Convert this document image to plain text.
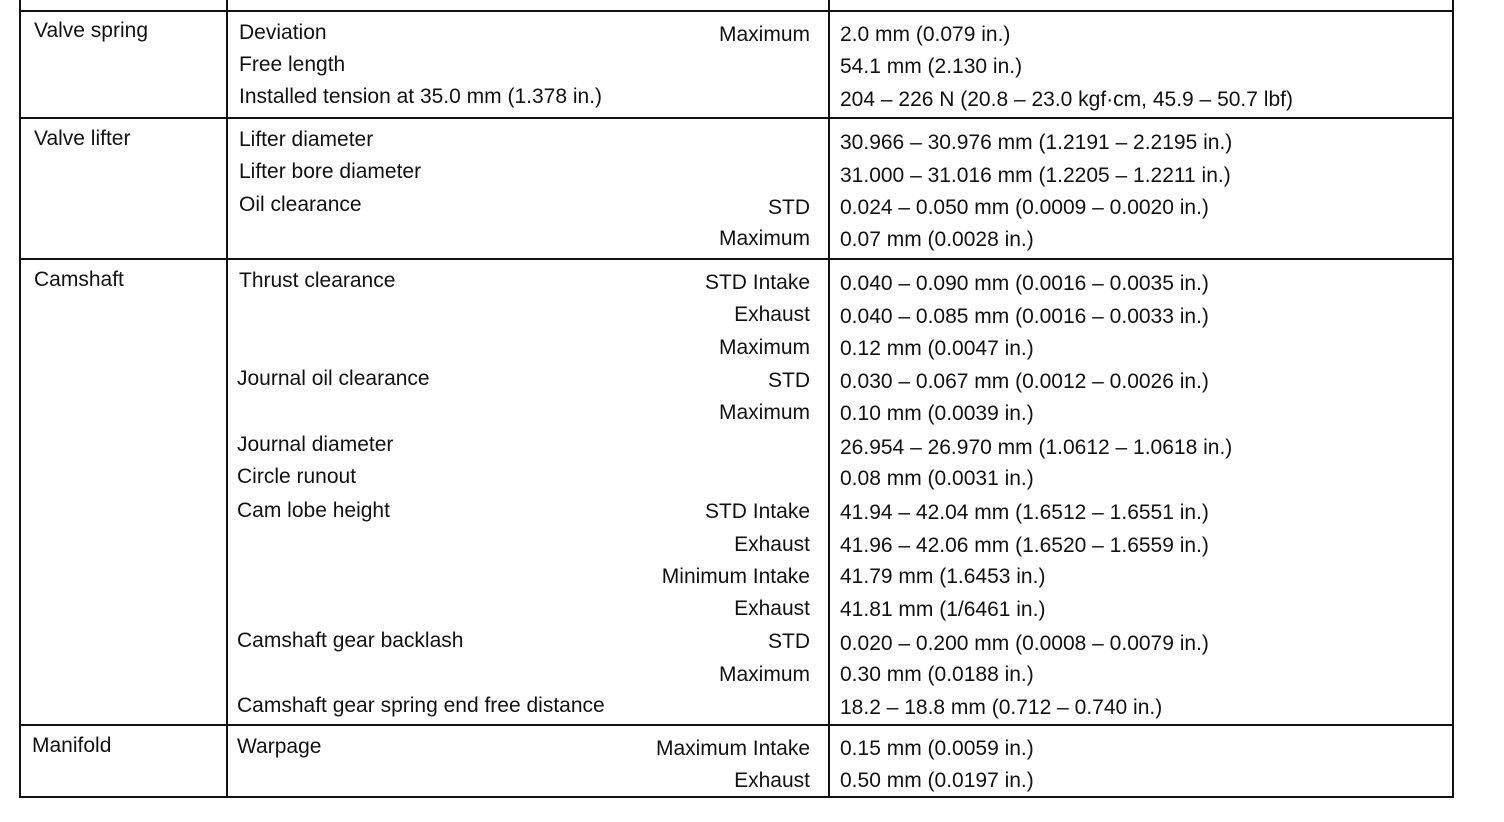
Valve spring	Deviation	Maximum 2.0 mm (0.079 in.)
Free length	54.1 mm (2.130 in.)
Installed tension at 35.0 mm (1.378 in.)	204 – 226 N (20.8 – 23.0 kgf·cm, 45.9 – 50.7 lbf)
Valve lifter	Lifter diameter	30.966 – 30.976 mm (1.2191 – 2.2195 in.)
Lifter bore diameter	31.000 – 31.016 mm (1.2205 – 1.2211 in.)
Oil clearance	STD 0.024 – 0.050 mm (0.0009 – 0.0020 in.)
Maximum 0.07 mm (0.0028 in.)
Camshaft	Thrust clearance	STD Intake 0.040 – 0.090 mm (0.0016 – 0.0035 in.)
Exhaust 0.040 – 0.085 mm (0.0016 – 0.0033 in.)
Maximum 0.12 mm (0.0047 in.)
Journal oil clearance	STD 0.030 – 0.067 mm (0.0012 – 0.0026 in.)
Maximum 0.10 mm (0.0039 in.)
Journal diameter	26.954 – 26.970 mm (1.0612 – 1.0618 in.)
Circle runout	0.08 mm (0.0031 in.)
Cam lobe height	STD Intake 41.94 – 42.04 mm (1.6512 – 1.6551 in.)
Exhaust 41.96 – 42.06 mm (1.6520 – 1.6559 in.)
Minimum Intake 41.79 mm (1.6453 in.)
Exhaust 41.81 mm (1/6461 in.)
Camshaft gear backlash	STD 0.020 – 0.200 mm (0.0008 – 0.0079 in.)
Maximum 0.30 mm (0.0188 in.)
Camshaft gear spring end free distance	18.2 – 18.8 mm (0.712 – 0.740 in.)
Manifold	Warpage	Maximum Intake 0.15 mm (0.0059 in.)
Exhaust 0.50 mm (0.0197 in.)
